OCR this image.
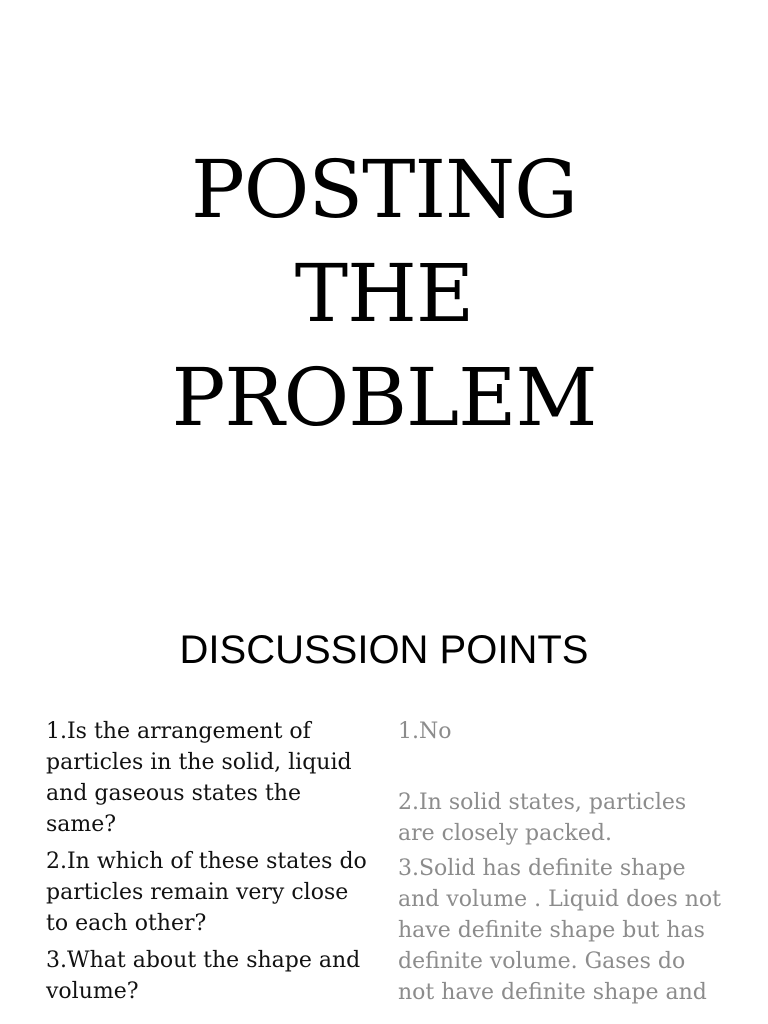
POSTING
THE
PROBLEM
DISCUSSION POINTS
1.Is the arrangement of particles in the solid, liquid and gaseous states the same?
2.In which of these states do particles remain very close to each other?
3.What about the shape and volume?
1.No
2.In solid states, particles are closely packed.
3.Solid has definite shape and volume . Liquid does not have definite shape but has definite volume. Gases do not have definite shape and
